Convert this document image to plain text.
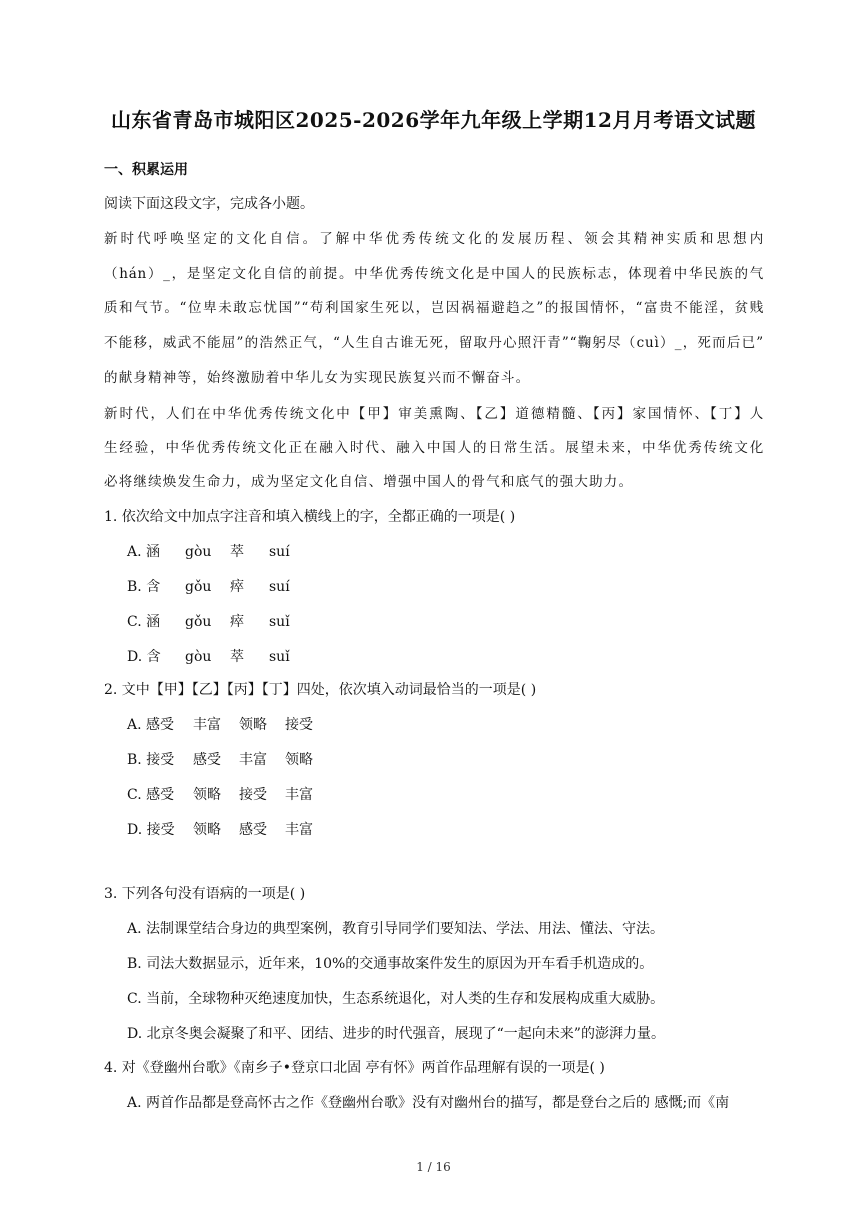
山东省青岛市城阳区2025-2026学年九年级上学期12月月考语文试题
一、积累运用
阅读下面这段文字，完成各小题。
新时代呼唤坚定的文化自信。了解中华优秀传统文化的发展历程、领会其精神实质和思想内
（hán）_，是坚定文化自信的前提。中华优秀传统文化是中国人的民族标志，体现着中华民族的气
质和气节。“位卑未敢忘忧国”“苟利国家生死以，岂因祸福避趋之”的报国情怀，“富贵不能淫，贫贱
不能移，威武不能屈”的浩然正气，“人生自古谁无死，留取丹心照汗青”“鞠躬尽（cuì）_，死而后已”
的献身精神等，始终激励着中华儿女为实现民族复兴而不懈奋斗。
新时代，人们在中华优秀传统文化中【甲】审美熏陶、【乙】道德精髓、【丙】家国情怀、【丁】人
生经验，中华优秀传统文化正在融入时代、融入中国人的日常生活。展望未来，中华优秀传统文化
必将继续焕发生命力，成为坚定文化自信、增强中国人的骨气和底气的强大助力。
1. 依次给文中加点字注音和填入横线上的字，全都正确的一项是( )
A. 涵 gòu 萃 suí
B. 含 gǒu 瘁 suí
C. 涵 gǒu 瘁 suǐ
D. 含 gòu 萃 suǐ
2. 文中【甲】【乙】【丙】【丁】四处，依次填入动词最恰当的一项是( )
A. 感受 丰富 领略 接受
B. 接受 感受 丰富 领略
C. 感受 领略 接受 丰富
D. 接受 领略 感受 丰富
3. 下列各句没有语病的一项是( )
A. 法制课堂结合身边的典型案例，教育引导同学们要知法、学法、用法、懂法、守法。
B. 司法大数据显示，近年来，10%的交通事故案件发生的原因为开车看手机造成的。
C. 当前，全球物种灭绝速度加快，生态系统退化，对人类的生存和发展构成重大威胁。
D. 北京冬奥会凝聚了和平、团结、进步的时代强音，展现了“一起向未来”的澎湃力量。
4. 对《登幽州台歌》《南乡子•登京口北固 亭有怀》两首作品理解有误的一项是( )
A. 两首作品都是登高怀古之作《登幽州台歌》没有对幽州台的描写，都是登台之后的 感慨;而《南
1 / 16
